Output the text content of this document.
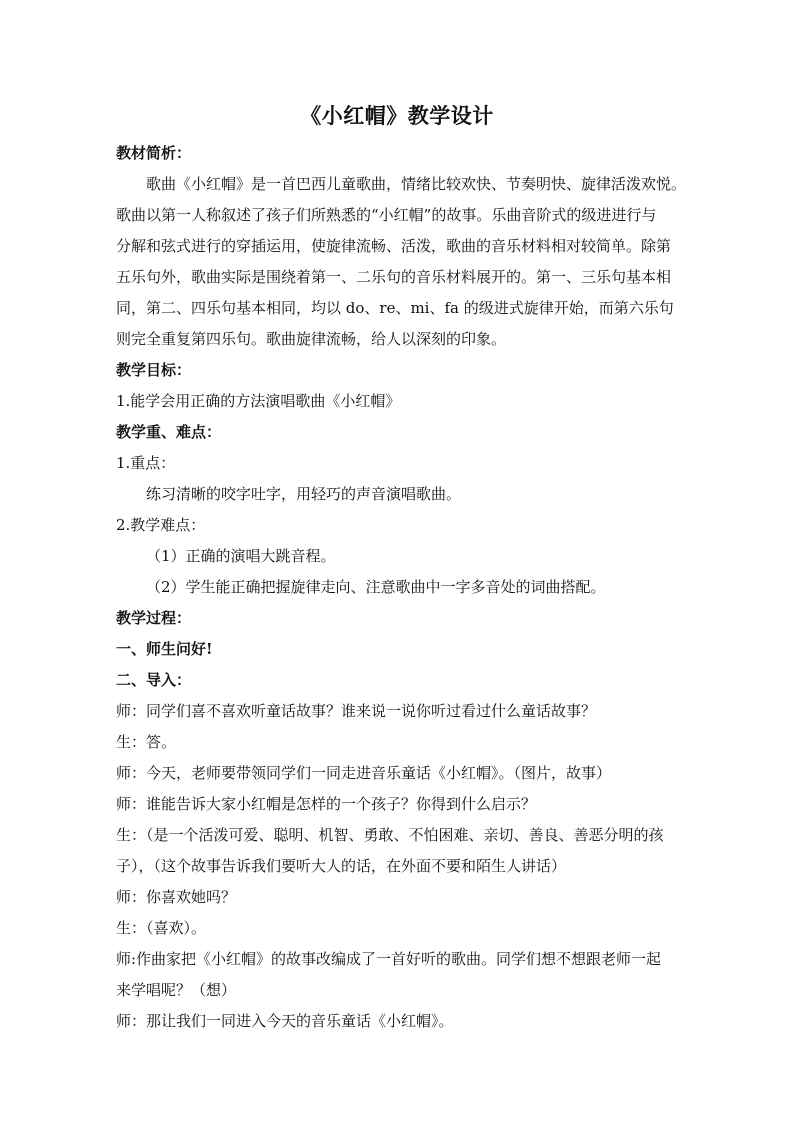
《小红帽》教学设计
教材简析：
歌曲《小红帽》是一首巴西儿童歌曲，情绪比较欢快、节奏明快、旋律活泼欢悦。
歌曲以第一人称叙述了孩子们所熟悉的“小红帽”的故事。乐曲音阶式的级进进行与
分解和弦式进行的穿插运用，使旋律流畅、活泼，歌曲的音乐材料相对较简单。除第
五乐句外，歌曲实际是围绕着第一、二乐句的音乐材料展开的。第一、三乐句基本相
同，第二、四乐句基本相同，均以 do、re、mi、fa 的级进式旋律开始，而第六乐句
则完全重复第四乐句。歌曲旋律流畅，给人以深刻的印象。
教学目标：
1.能学会用正确的方法演唱歌曲《小红帽》
教学重、难点：
1.重点：
练习清晰的咬字吐字，用轻巧的声音演唱歌曲。
2.教学难点：
（1）正确的演唱大跳音程。
（2）学生能正确把握旋律走向、注意歌曲中一字多音处的词曲搭配。
教学过程：
一、师生问好!
二、导入：
师：同学们喜不喜欢听童话故事？谁来说一说你听过看过什么童话故事？
生：答。
师：今天，老师要带领同学们一同走进音乐童话《小红帽》。（图片，故事）
师：谁能告诉大家小红帽是怎样的一个孩子？你得到什么启示？
生：（是一个活泼可爱、聪明、机智、勇敢、不怕困难、亲切、善良、善恶分明的孩
子），（这个故事告诉我们要听大人的话，在外面不要和陌生人讲话）
师：你喜欢她吗？
生：（喜欢）。
师:作曲家把《小红帽》的故事改编成了一首好听的歌曲。同学们想不想跟老师一起
来学唱呢？（想）
师：那让我们一同进入今天的音乐童话《小红帽》。
